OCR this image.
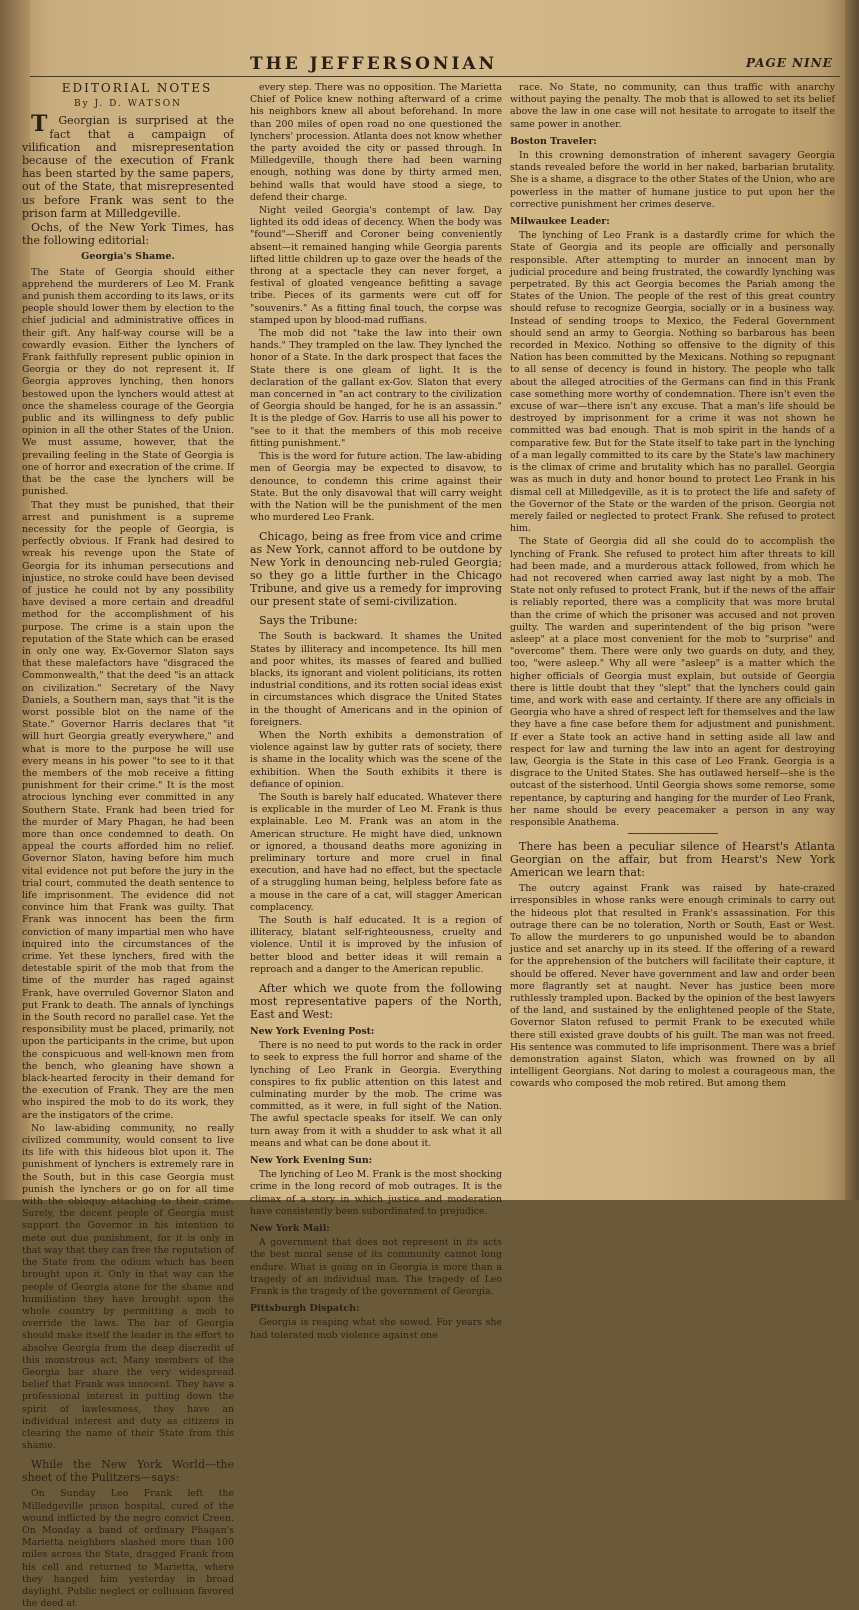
THE JEFFERSONIAN	PAGE NINE
EDITORIAL NOTES
By J. D. WATSON

T Georgian is surprised at the fact that a campaign of vilification and misrepresentation because of the execution of Frank has been started by the same papers, out of the State, that misrepresented us before Frank was sent to the prison farm at Milledgeville.

Ochs, of the New York Times, has the following editorial:

Georgia's Shame.

The State of Georgia should either apprehend the murderers of Leo M. Frank and punish them according to its laws, or its people should lower them by election to the chief judicial and administrative offices in their gift. Any half-way course will be a cowardly evasion. Either the lynchers of Frank faithfully represent public opinion in Georgia or they do not represent it. If Georgia approves lynching, then honors bestowed upon the lynchers would attest at once the shameless courage of the Georgia public and its willingness to defy public opinion in all the other States of the Union. We must assume, however, that the prevailing feeling in the State of Georgia is one of horror and execration of the crime. If that be the case the lynchers will be punished.

That they must be punished, that their arrest and punishment is a supreme necessity for the people of Georgia, is perfectly obvious. If Frank had desired to wreak his revenge upon the State of Georgia for its inhuman persecutions and injustice, no stroke could have been devised of justice he could not by any possibility have devised a more certain and dreadful method for the accomplishment of his purpose. The crime is a stain upon the reputation of the State which can be erased in only one way. Ex-Governor Slaton says that these malefactors have "disgraced the Commonwealth," that the deed "is an attack on civilization." Secretary of the Navy Daniels, a Southern man, says that "it is the worst possible blot on the name of the State." Governor Harris declares that "it will hurt Georgia greatly everywhere," and what is more to the purpose he will use every means in his power "to see to it that the members of the mob receive a fitting punishment for their crime." It is the most atrocious lynching ever committed in any Southern State. Frank had been tried for the murder of Mary Phagan, he had been more than once condemned to death. On appeal the courts afforded him no relief. Governor Slaton, having before him much vital evidence not put before the jury in the trial court, commuted the death sentence to life imprisonment. The evidence did not convince him that Frank was guilty. That Frank was innocent has been the firm conviction of many impartial men who have inquired into the circumstances of the crime. Yet these lynchers, fired with the detestable spirit of the mob that from the time of the murder has raged against Frank, have overruled Governor Slaton and put Frank to death. The annals of lynchings in the South record no parallel case. Yet the responsibility must be placed, primarily, not upon the participants in the crime, but upon the conspicuous and well-known men from the bench, who gleaning have shown a black-hearted ferocity in their demand for the execution of Frank. They are the men who inspired the mob to do its work, they are the instigators of the crime.

No law-abiding community, no really civilized community, would consent to live its life with this hideous blot upon it. The punishment of lynchers is extremely rare in the South, but in this case Georgia must punish the lynchers or go on for all time with the obloquy attaching to their crime. Surely, the decent people of Georgia must support the Governor in his intention to mete out due punishment, for it is only in that way that they can free the reputation of the State from the odium which has been brought upon it. Only in that way can the people of Georgia atone for the shame and humiliation they have brought upon the whole country by permitting a mob to override the laws. The bar of Georgia should make itself the leader in the effort to absolve Georgia from the deep discredit of this monstrous act. Many members of the Georgia bar share the very widespread belief that Frank was innocent. They have a professional interest in putting down the spirit of lawlessness, they have an individual interest and duty as citizens in clearing the name of their State from this shame.

While the New York World—the sheet of the Pulitzers—says:

On Sunday Leo Frank left the Milledgeville prison hospital, cured of the wound inflicted by the negro convict Creen. On Monday a band of ordinary Phagan's Marietta neighbors slashed more than 100 miles across the State, dragged Frank from his cell and returned to Marietta, where they hanged him yesterday in broad daylight. Public neglect or collusion favored the deed at

every step. There was no opposition. The Marietta Chief of Police knew nothing afterward of a crime his neighbors knew all about beforehand. In more than 200 miles of open road no one questioned the lynchers' procession. Atlanta does not know whether the party avoided the city or passed through. In Milledgeville, though there had been warning enough, nothing was done by thirty armed men, behind walls that would have stood a siege, to defend their charge.

Night veiled Georgia's contempt of law. Day lighted its odd ideas of decency. When the body was "found"—Sheriff and Coroner being conveniently absent—it remained hanging while Georgia parents lifted little children up to gaze over the heads of the throng at a spectacle they can never forget, a festival of gloated vengeance befitting a savage tribe. Pieces of its garments were cut off for "souvenirs." As a fitting final touch, the corpse was stamped upon by blood-mad ruffians.

The mob did not "take the law into their own hands." They trampled on the law. They lynched the honor of a State. In the dark prospect that faces the State there is one gleam of light. It is the declaration of the gallant ex-Gov. Slaton that every man concerned in "an act contrary to the civilization of Georgia should be hanged, for he is an assassin." It is the pledge of Gov. Harris to use all his power to "see to it that the members of this mob receive fitting punishment."

This is the word for future action. The law-abiding men of Georgia may be expected to disavow, to denounce, to condemn this crime against their State. But the only disavowal that will carry weight with the Nation will be the punishment of the men who murdered Leo Frank.

Chicago, being as free from vice and crime as New York, cannot afford to be outdone by New York in denouncing neb-ruled Georgia; so they go a little further in the Chicago Tribune, and give us a remedy for improving our present state of semi-civilization.

Says the Tribune:

The South is backward. It shames the United States by illiteracy and incompetence. Its hill men and poor whites, its masses of feared and bullied blacks, its ignorant and violent politicians, its rotten industrial conditions, and its rotten social ideas exist in circumstances which disgrace the United States in the thought of Americans and in the opinion of foreigners.

When the North exhibits a demonstration of violence against law by gutter rats of society, there is shame in the locality which was the scene of the exhibition. When the South exhibits it there is defiance of opinion.

The South is barely half educated. Whatever there is explicable in the murder of Leo M. Frank is thus explainable. Leo M. Frank was an atom in the American structure. He might have died, unknown or ignored, a thousand deaths more agonizing in preliminary torture and more cruel in final execution, and have had no effect, but the spectacle of a struggling human being, helpless before fate as a mouse in the care of a cat, will stagger American complacency.

The South is half educated. It is a region of illiteracy, blatant self-righteousness, cruelty and violence. Until it is improved by the infusion of better blood and better ideas it will remain a reproach and a danger to the American republic.

After which we quote from the following most representative papers of the North, East and West:

New York Evening Post:

There is no need to put words to the rack in order to seek to express the full horror and shame of the lynching of Leo Frank in Georgia. Everything conspires to fix public attention on this latest and culminating murder by the mob. The crime was committed, as it were, in full sight of the Nation. The awful spectacle speaks for itself. We can only turn away from it with a shudder to ask what it all means and what can be done about it.

New York Evening Sun:

The lynching of Leo M. Frank is the most shocking crime in the long record of mob outrages. It is the climax of a story in which justice and moderation have consistently been subordinated to prejudice.

New York Mail:

A government that does not represent in its acts the best moral sense of its community cannot long endure. What is going on in Georgia is more than a tragedy of an individual man. The tragedy of Leo Frank is the tragedy of the government of Georgia.

Pittsburgh Dispatch:

Georgia is reaping what she sowed. For years she had tolerated mob violence against one

race. No State, no community, can thus traffic with anarchy without paying the penalty. The mob that is allowed to set its belief above the law in one case will not hesitate to arrogate to itself the same power in another.

Boston Traveler:

In this crowning demonstration of inherent savagery Georgia stands revealed before the world in her naked, barbarian brutality. She is a shame, a disgrace to the other States of the Union, who are powerless in the matter of humane justice to put upon her the corrective punishment her crimes deserve.

Milwaukee Leader:

The lynching of Leo Frank is a dastardly crime for which the State of Georgia and its people are officially and personally responsible. After attempting to murder an innocent man by judicial procedure and being frustrated, the cowardly lynching was perpetrated. By this act Georgia becomes the Pariah among the States of the Union. The people of the rest of this great country should refuse to recognize Georgia, socially or in a business way. Instead of sending troops to Mexico, the Federal Government should send an army to Georgia. Nothing so barbarous has been recorded in Mexico. Nothing so offensive to the dignity of this Nation has been committed by the Mexicans. Nothing so repugnant to all sense of decency is found in history. The people who talk about the alleged atrocities of the Germans can find in this Frank case something more worthy of condemnation. There isn't even the excuse of war—there isn't any excuse. That a man's life should be destroyed by imprisonment for a crime it was not shown he committed was bad enough. That is mob spirit in the hands of a comparative few. But for the State itself to take part in the lynching of a man legally committed to its care by the State's law machinery is the climax of crime and brutality which has no parallel. Georgia was as much in duty and honor bound to protect Leo Frank in his dismal cell at Milledgeville, as it is to protect the life and safety of the Governor of the State or the warden of the prison. Georgia not merely failed or neglected to protect Frank. She refused to protect him.

The State of Georgia did all she could do to accomplish the lynching of Frank. She refused to protect him after threats to kill had been made, and a murderous attack followed, from which he had not recovered when carried away last night by a mob. The State not only refused to protect Frank, but if the news of the affair is reliably reported, there was a complicity that was more brutal than the crime of which the prisoner was accused and not proven guilty. The warden and superintendent of the big prison "were asleep" at a place most convenient for the mob to "surprise" and "overcome" them. There were only two guards on duty, and they, too, "were asleep." Why all were "asleep" is a matter which the higher officials of Georgia must explain, but outside of Georgia there is little doubt that they "slept" that the lynchers could gain time, and work with ease and certainty. If there are any officials in Georgia who have a shred of respect left for themselves and the law they have a fine case before them for adjustment and punishment. If ever a State took an active hand in setting aside all law and respect for law and turning the law into an agent for destroying law, Georgia is the State in this case of Leo Frank. Georgia is a disgrace to the United States. She has outlawed herself—she is the outcast of the sisterhood. Until Georgia shows some remorse, some repentance, by capturing and hanging for the murder of Leo Frank, her name should be every peacemaker a person in any way responsible Anathema.

There has been a peculiar silence of Hearst's Atlanta Georgian on the affair, but from Hearst's New York American we learn that:

The outcry against Frank was raised by hate-crazed irresponsibles in whose ranks were enough criminals to carry out the hideous plot that resulted in Frank's assassination. For this outrage there can be no toleration, North or South, East or West. To allow the murderers to go unpunished would be to abandon justice and set anarchy up in its steed. If the offering of a reward for the apprehension of the butchers will facilitate their capture, it should be offered. Never have government and law and order been more flagrantly set at naught. Never has justice been more ruthlessly trampled upon. Backed by the opinion of the best lawyers of the land, and sustained by the enlightened people of the State, Governor Slaton refused to permit Frank to be executed while there still existed grave doubts of his guilt. The man was not freed. His sentence was commuted to life imprisonment. There was a brief demonstration against Slaton, which was frowned on by all intelligent Georgians. Not daring to molest a courageous man, the cowards who composed the mob retired. But among them
